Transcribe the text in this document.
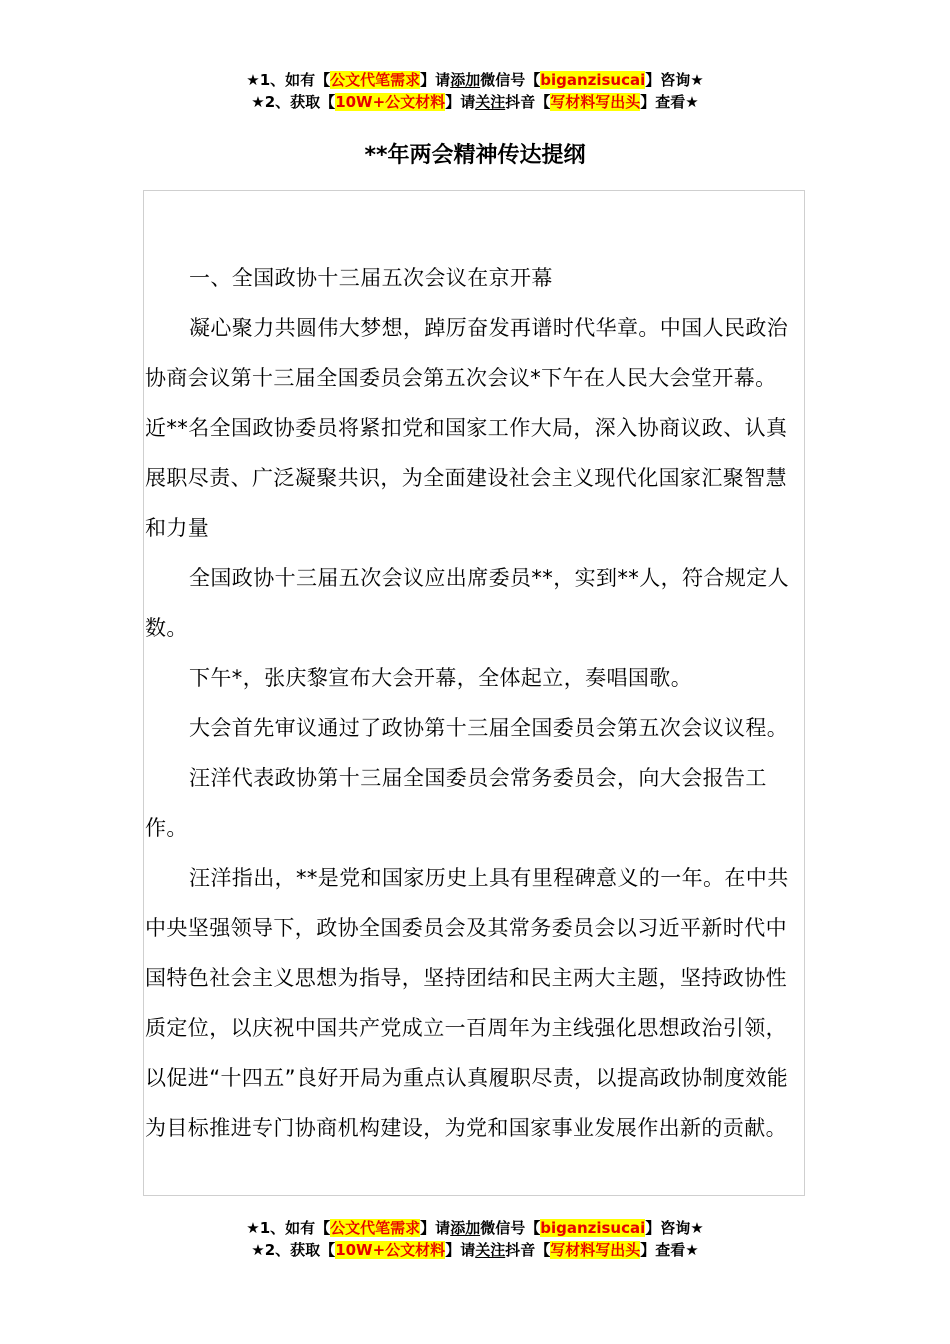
★1、如有【公文代笔需求】请添加微信号【biganzisucai】咨询★
★2、获取【10W+公文材料】请关注抖音【写材料写出头】查看★
**年两会精神传达提纲

一、全国政协十三届五次会议在京开幕

凝心聚力共圆伟大梦想，踔厉奋发再谱时代华章。中国人民政治协商会议第十三届全国委员会第五次会议*下午在人民大会堂开幕。近**名全国政协委员将紧扣党和国家工作大局，深入协商议政、认真展职尽责、广泛凝聚共识，为全面建设社会主义现代化国家汇聚智慧和力量

全国政协十三届五次会议应出席委员**，实到**人，符合规定人数。

下午*，张庆黎宣布大会开幕，全体起立，奏唱国歌。

大会首先审议通过了政协第十三届全国委员会第五次会议议程。

汪洋代表政协第十三届全国委员会常务委员会，向大会报告工作。

汪洋指出，**是党和国家历史上具有里程碑意义的一年。在中共中央坚强领导下，政协全国委员会及其常务委员会以习近平新时代中国特色社会主义思想为指导，坚持团结和民主两大主题，坚持政协性质定位，以庆祝中国共产党成立一百周年为主线强化思想政治引领，以促进“十四五”良好开局为重点认真履职尽责，以提高政协制度效能为目标推进专门协商机构建设，为党和国家事业发展作出新的贡献。

★1、如有【公文代笔需求】请添加微信号【biganzisucai】咨询★
★2、获取【10W+公文材料】请关注抖音【写材料写出头】查看★
